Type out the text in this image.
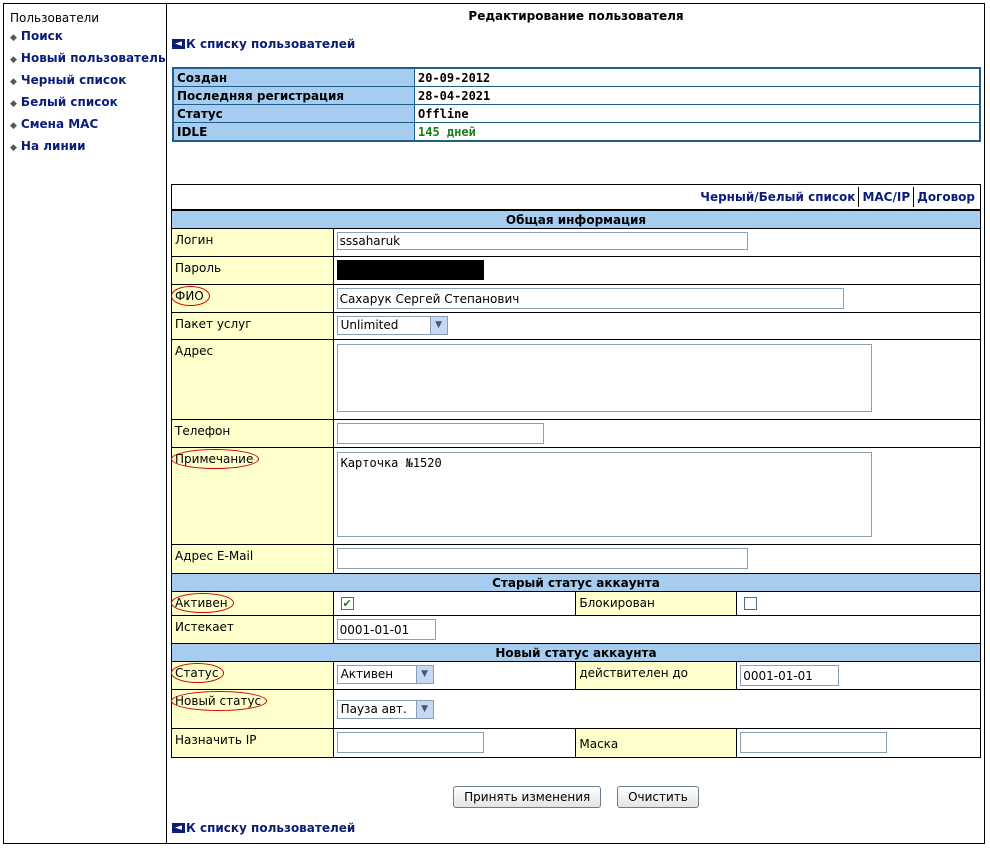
Пользователи
◆ Поиск
◆ Новый пользователь
◆ Черный список
◆ Белый список
◆ Смена MAC
◆ На линии
Редактирование пользователя
◄ К списку пользователей
Создан	20-09-2012
Последняя регистрация	28-04-2021
Статус	Offline
IDLE	145 дней
Черный/Белый список MAC/IP Договор			
Общая информация			
Логин	sssaharuk
Пароль			
ФИО	Сахарук Сергей Степанович
Пакет услуг	Unlimited ▼		

Адрес	
Телефон	
Примечание	Карточка №1520
Адрес E-Mail	
Старый статус аккаунта			
Активен	✔	Блокирован	
Истекает	0001-01-01
Новый статус аккаунта			
Статус	Активен ▼	действителен до	0001-01-01
Новый статус	Пауза авт. ▼		

Назначить IP		Маска	
Принять изменения	Очистить
◄ К списку пользователей
